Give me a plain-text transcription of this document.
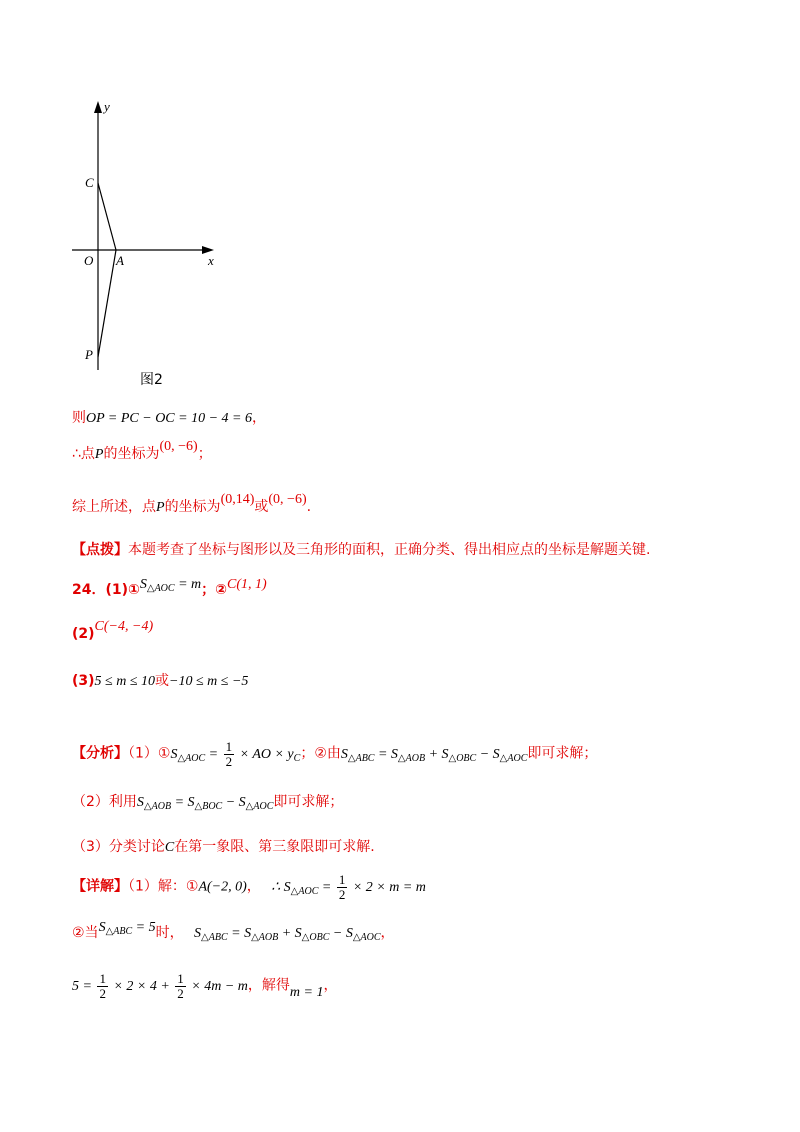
y
x
C
O A
P
图2
则OP = PC − OC = 10 − 4 = 6，
∴点P的坐标为(0, −6)；
综上所述，点P的坐标为(0,14)或(0, −6).
【点拨】本题考查了坐标与图形以及三角形的面积，正确分类、得出相应点的坐标是解题关键.
24．$(1)①S_{\triangle AOC} = m$；②C(1, 1)
(2)C(−4, −4)
(3)5 ≤ m ≤ 10或−10 ≤ m ≤ −5
【分析】$(1)①S_{\triangle AOC} = \frac{1}{2}$ × AO × $y_C$；②由$S_{\triangle ABC} = S_{\triangle AOB} + S_{\triangle OBC} - S_{\triangle AOC}$即可求解；
（2）利用$S_{\triangle AOB} = S_{\triangle BOC} - S_{\triangle AOC}$即可求解；
（3）分类讨论C在第一象限、第三象限即可求解.
【详解】（1）解：①A(−2, 0)， ∴ $S_{\triangle AOC} = \frac{1}{2} \times 2 \times m = m$
②当$S_{\triangle ABC} = 5$时， $S_{\triangle ABC} = S_{\triangle AOB} + S_{\triangle OBC} - S_{\triangle AOC}$，
$5 = \frac{1}{2} \times 2 \times 4 + \frac{1}{2} \times 4m - m$，解得m = 1，
